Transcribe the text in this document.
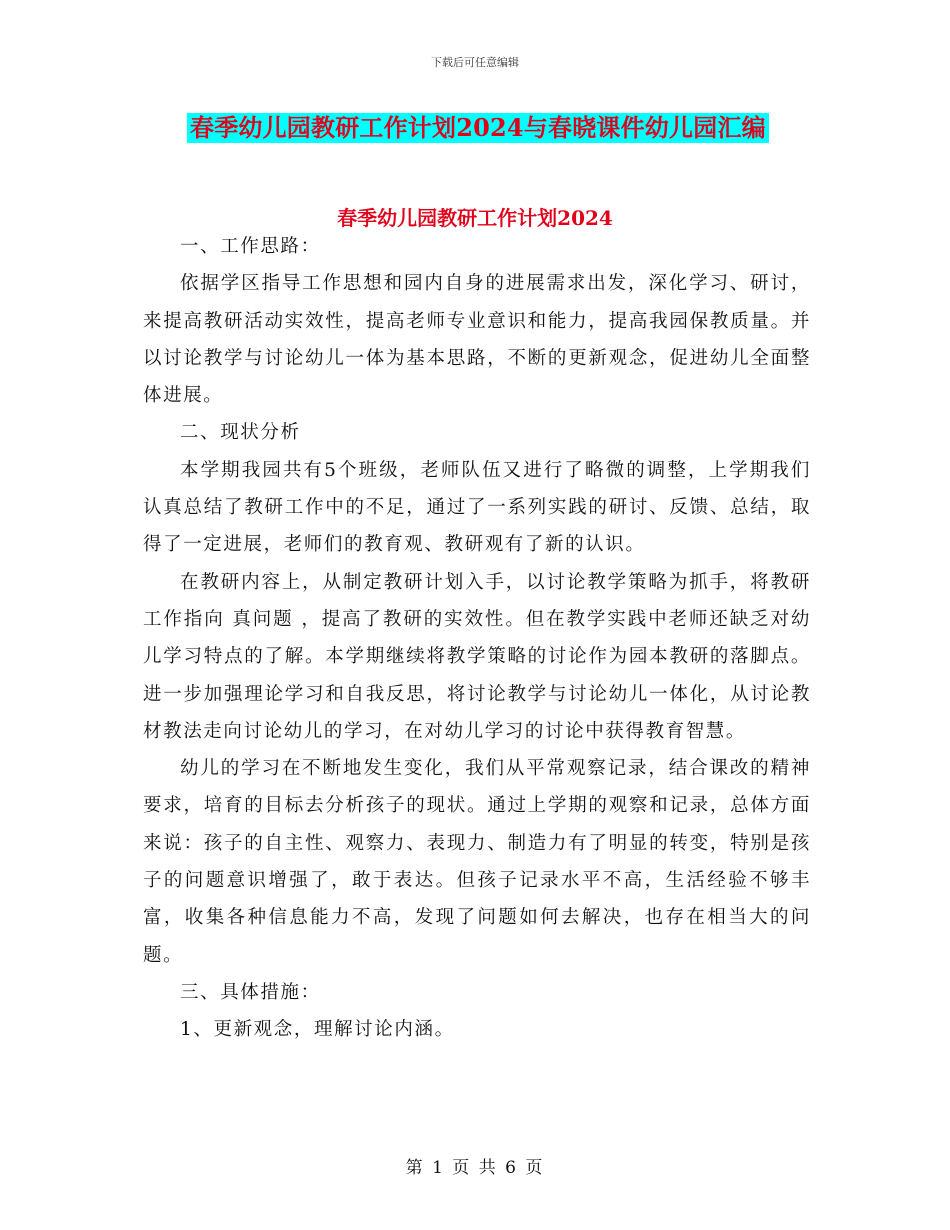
下载后可任意编辑
春季幼儿园教研工作计划2024与春晓课件幼儿园汇编
春季幼儿园教研工作计划2024

一、工作思路：

依据学区指导工作思想和园内自身的进展需求出发，深化学习、研讨，来提高教研活动实效性，提高老师专业意识和能力，提高我园保教质量。并以讨论教学与讨论幼儿一体为基本思路，不断的更新观念，促进幼儿全面整体进展。

二、现状分析

本学期我园共有5个班级，老师队伍又进行了略微的调整，上学期我们认真总结了教研工作中的不足，通过了一系列实践的研讨、反馈、总结，取得了一定进展，老师们的教育观、教研观有了新的认识。

在教研内容上，从制定教研计划入手，以讨论教学策略为抓手，将教研工作指向 真问题 ，提高了教研的实效性。但在教学实践中老师还缺乏对幼儿学习特点的了解。本学期继续将教学策略的讨论作为园本教研的落脚点。进一步加强理论学习和自我反思，将讨论教学与讨论幼儿一体化，从讨论教材教法走向讨论幼儿的学习，在对幼儿学习的讨论中获得教育智慧。

幼儿的学习在不断地发生变化，我们从平常观察记录，结合课改的精神要求，培育的目标去分析孩子的现状。通过上学期的观察和记录，总体方面来说：孩子的自主性、观察力、表现力、制造力有了明显的转变，特别是孩子的问题意识增强了，敢于表达。但孩子记录水平不高，生活经验不够丰富，收集各种信息能力不高，发现了问题如何去解决，也存在相当大的问题。

三、具体措施：

1、更新观念，理解讨论内涵。

第 1 页 共 6 页
